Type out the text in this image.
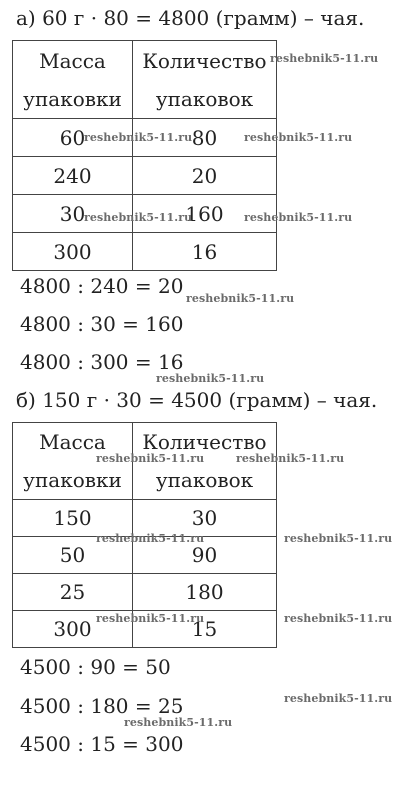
а) 60 г · 80 = 4800 (грамм) – чая.

Масса упаковки	Количество упаковок
60	80
240	20
30	160
300	16

4800 : 240 = 20

4800 : 30 = 160

4800 : 300 = 16

б) 150 г · 30 = 4500 (грамм) – чая.

Масса упаковки	Количество упаковок
150	30
50	90
25	180
300	15

4500 : 90 = 50

4500 : 180 = 25

4500 : 15 = 300

reshebnik5-11.ru
reshebnik5-11.ru	reshebnik5-11.ru
reshebnik5-11.ru	reshebnik5-11.ru
reshebnik5-11.ru
reshebnik5-11.ru
reshebnik5-11.ru	reshebnik5-11.ru
reshebnik5-11.ru	reshebnik5-11.ru
reshebnik5-11.ru	reshebnik5-11.ru
reshebnik5-11.ru
reshebnik5-11.ru
